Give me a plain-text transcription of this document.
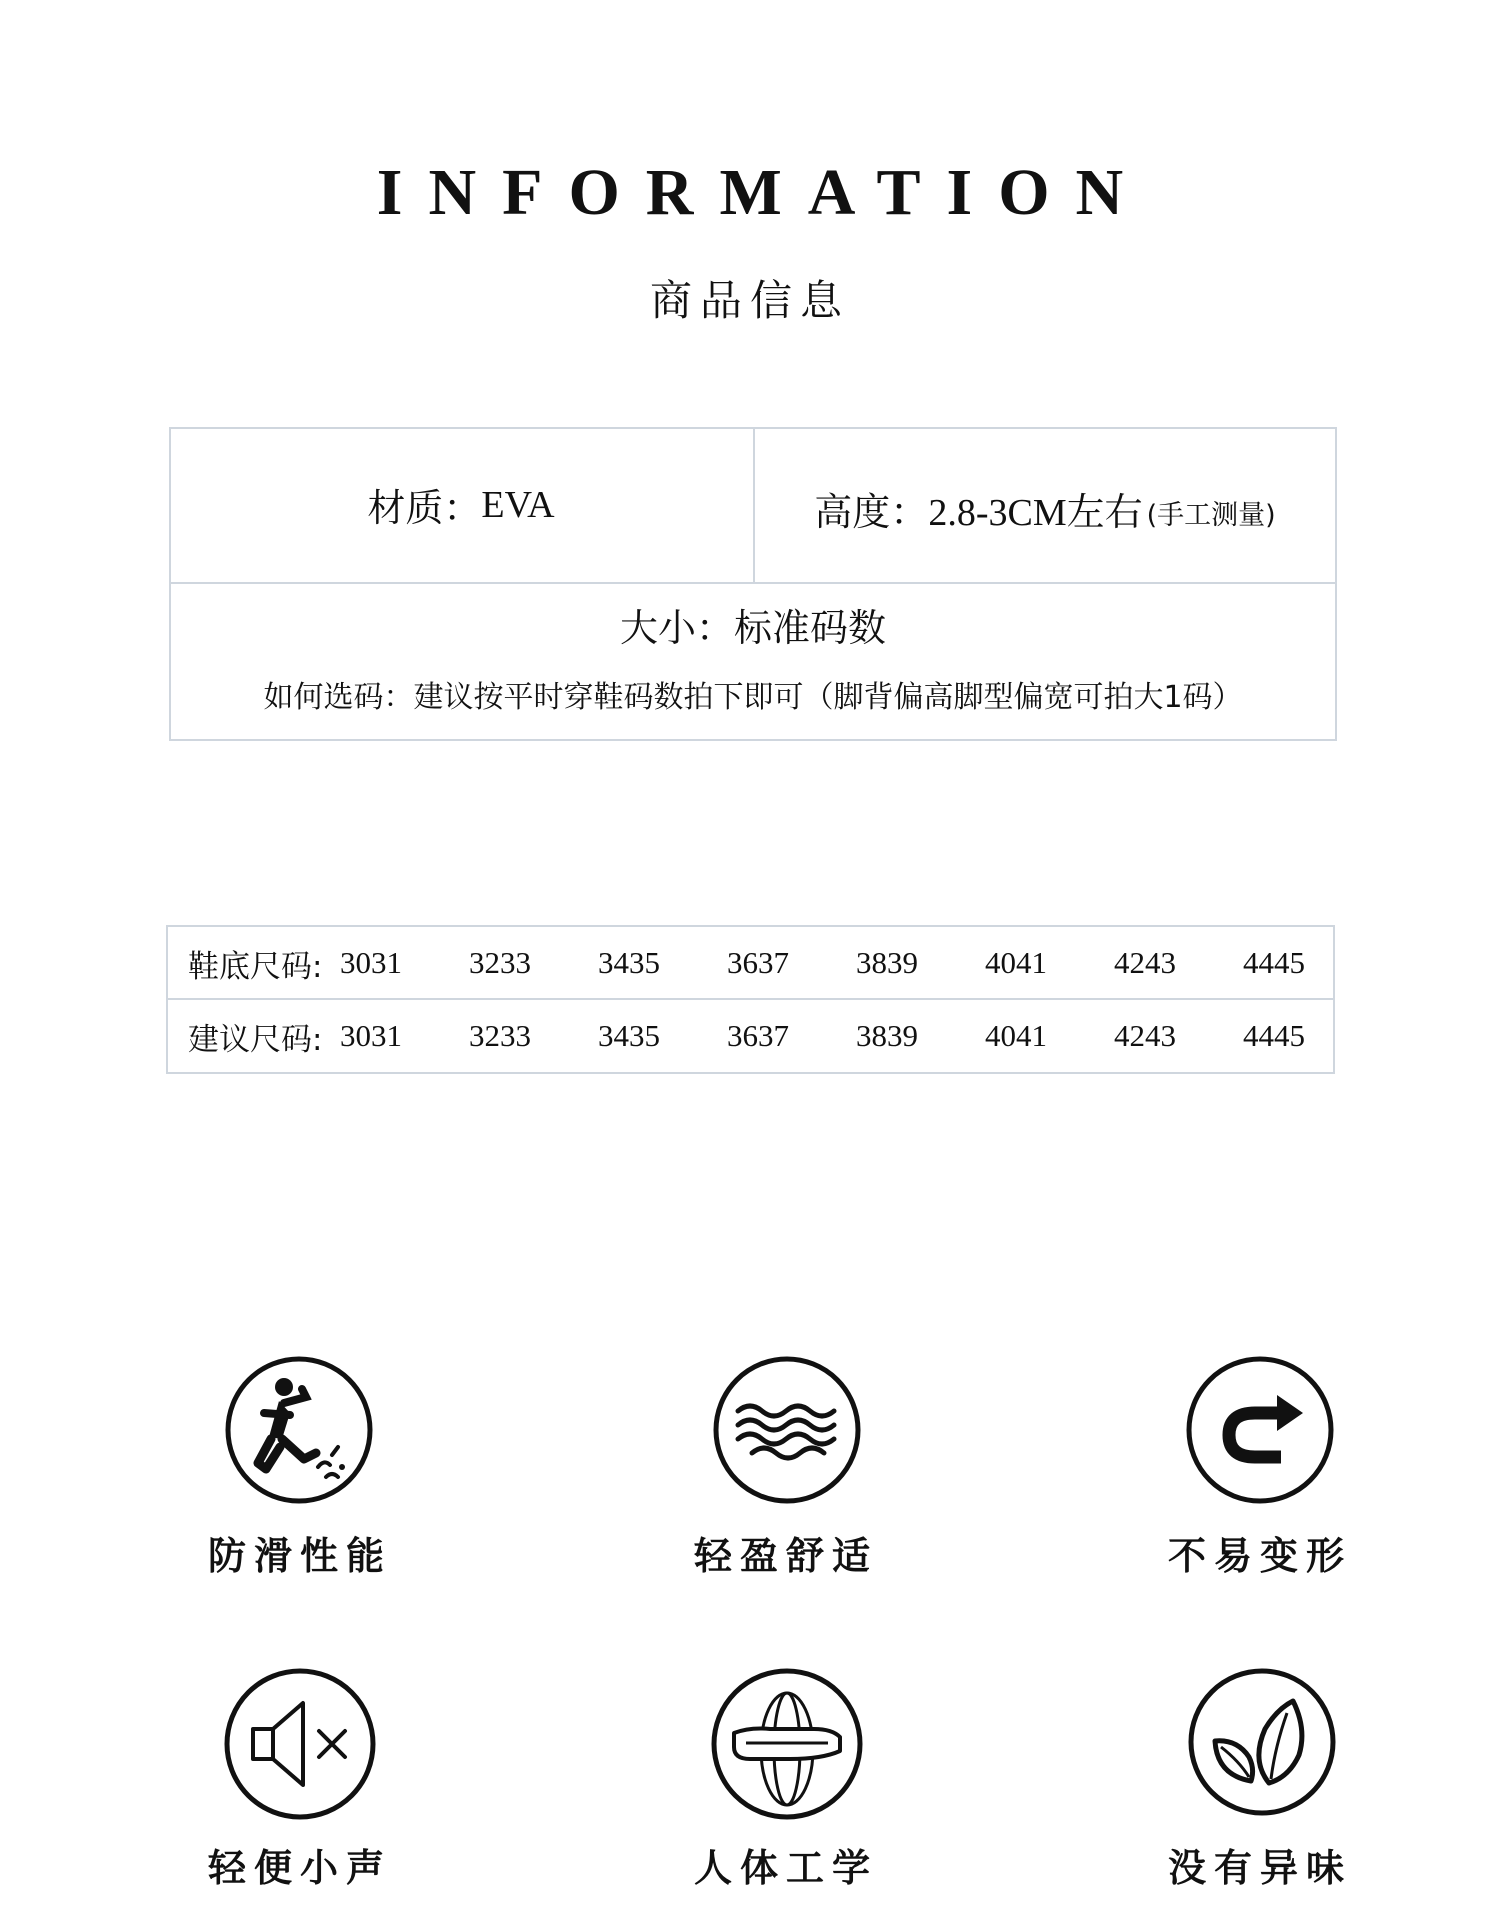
INFORMATION
商品信息
材质： EVA	高度： 2.8-3CM左右 (手工测量)
大小： 标准码数
如何选码：建议按平时穿鞋码数拍下即可（脚背偏高脚型偏宽可拍大1码）
鞋底尺码: 3031 3233 3435 3637 3839 4041 4243 4445
建议尺码: 3031 3233 3435 3637 3839 4041 4243 4445
防滑性能	轻盈舒适	不易变形
轻便小声	人体工学	没有异味
